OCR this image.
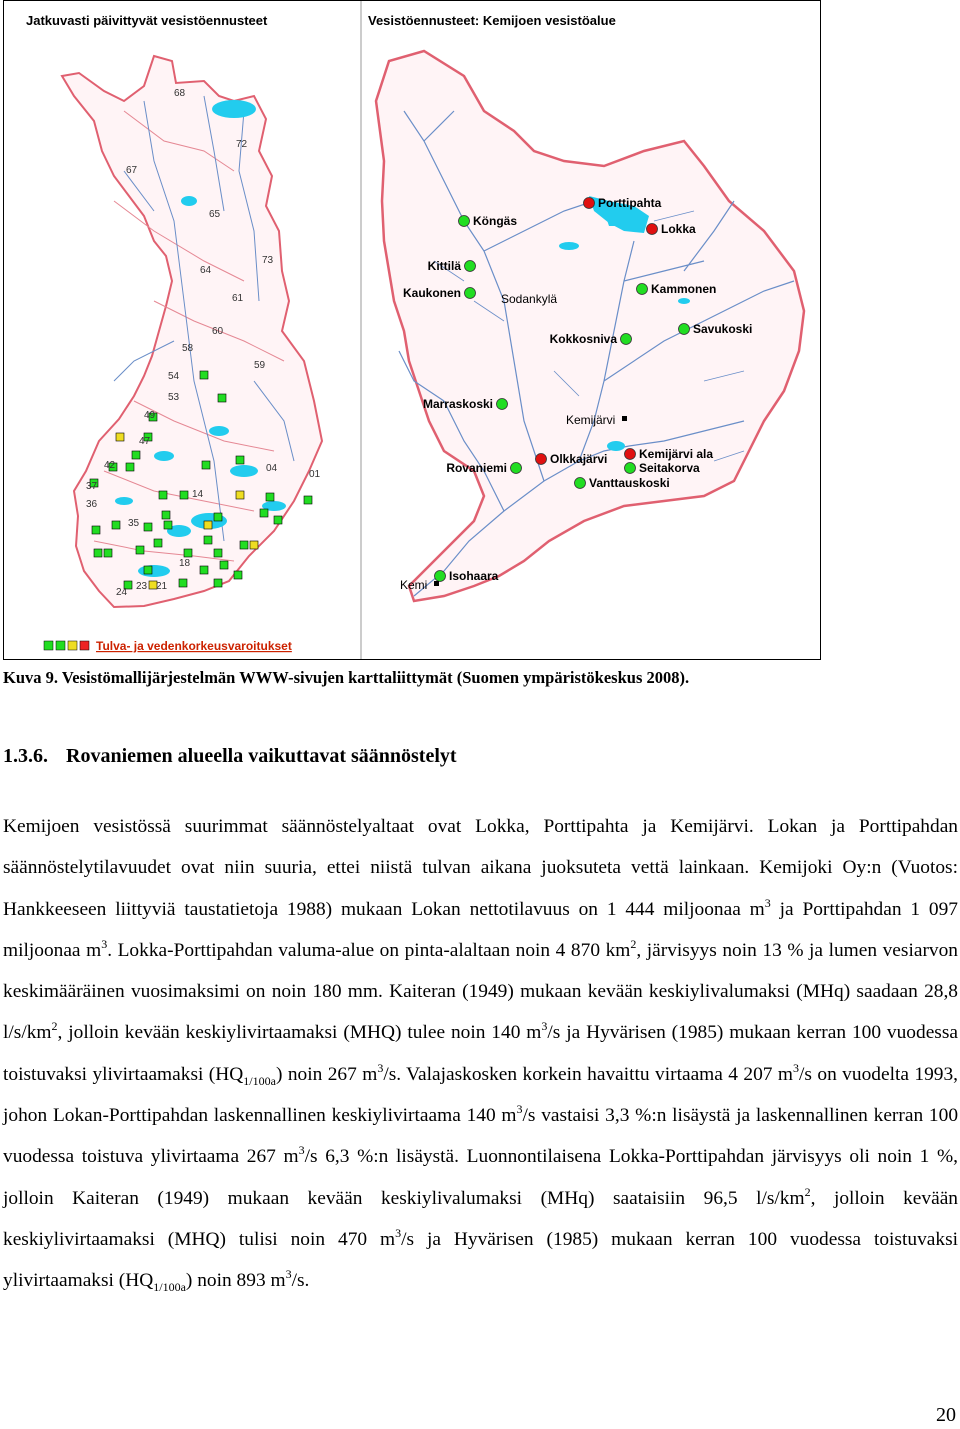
Jatkuvasti päivittyvät vesistöennusteet	Vesistöennusteet: Kemijoen vesistöalue
68
72
67
65
73
64
61
60
58
59
54
53
49
47
42	04
01
37
36
14
35
18
24
23 21
Tulva- ja vedenkorkeusvaroitukset
Köngäs
Porttipahta
Lokka
Kittilä
Kaukonen	Kammonen
Savukoski
Kokkosniva
Marraskoski
Rovaniemi
Olkkajärvi	Kemijärvi ala
Seitakorva
Vanttauskoski
Isohaara
Sodankylä
Kemijärvi
Kemi
Kuva 9. Vesistömallijärjestelmän WWW-sivujen karttaliittymät (Suomen ympäristökeskus 2008).
1.3.6. Rovaniemen alueella vaikuttavat säännöstelyt

Kemijoen vesistössä suurimmat säännöstelyaltaat ovat Lokka, Porttipahta ja Kemijärvi. Lokan ja Porttipahdan säännöstelytilavuudet ovat niin suuria, ettei niistä tulvan aikana juoksuteta vettä lainkaan. Kemijoki Oy:n (Vuotos: Hankkeeseen liittyviä taustatietoja 1988) mukaan Lokan nettotilavuus on 1 444 miljoonaa $m^3$ ja Porttipahdan 1 097 miljoonaa $m^3$. Lokka-Porttipahdan valuma-alue on pinta-alaltaan noin 4 870 $km^2$, järvisyys noin 13 % ja lumen vesiarvon keskimääräinen vuosimaksimi on noin 180 mm. Kaiteran (1949) mukaan kevään keskiylivalumaksi (MHq) saadaan 28,8 $l/s/km^2$, jolloin kevään keskiylivirtaamaksi (MHQ) tulee noin 140 $m^3/s$ ja Hyvärisen (1985) mukaan kerran 100 vuodessa toistuvaksi ylivirtaamaksi $(HQ_{1/100a})$ noin 267 $m^3/s$. Valajaskosken korkein havaittu virtaama 4 207 $m^3/s$ on vuodelta 1993, johon Lokan-Porttipahdan laskennallinen keskiylivirtaama 140 $m^3/s$ vastaisi 3,3 %:n lisäystä ja laskennallinen kerran 100 vuodessa toistuva ylivirtaama 267 $m^3/s$ 6,3 %:n lisäystä. Luonnontilaisena Lokka-Porttipahdan järvisyys oli noin 1 %, jolloin Kaiteran (1949) mukaan kevään keskiylivalumaksi (MHq) saataisiin 96,5 $l/s/km^2$, jolloin kevään keskiylivirtaamaksi (MHQ) tulisi noin 470 $m^3/s$ ja Hyvärisen (1985) mukaan kerran 100 vuodessa toistuvaksi ylivirtaamaksi $(HQ_{1/100a})$ noin 893 $m^3/s$.

20
